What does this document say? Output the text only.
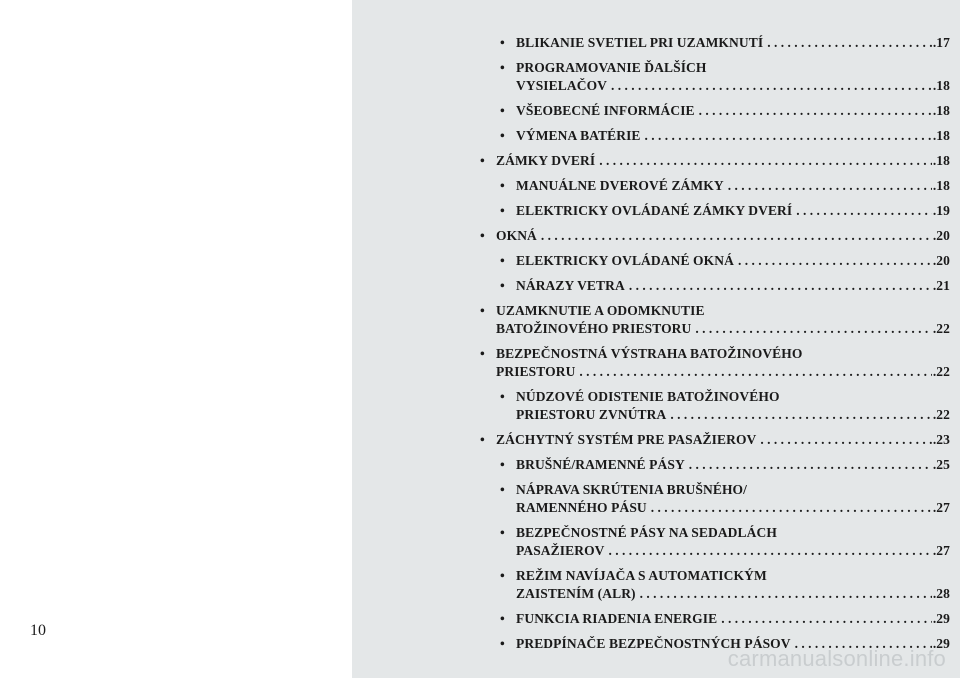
10
• BLIKANIE SVETIEL PRI UZAMKNUTÍ . . .	.17
• PROGRAMOVANIE ĎALŠÍCH
VYSIELAČOV . . .	.18
• VŠEOBECNÉ INFORMÁCIE . . .	.18
• VÝMENA BATÉRIE . . .	.18
• ZÁMKY DVERÍ . . .	.18
• MANUÁLNE DVEROVÉ ZÁMKY . . .	.18
• ELEKTRICKY OVLÁDANÉ ZÁMKY DVERÍ . . .	.19
• OKNÁ . . .	.20
• ELEKTRICKY OVLÁDANÉ OKNÁ . . .	.20
• NÁRAZY VETRA . . .	.21
• UZAMKNUTIE A ODOMKNUTIE
BATOŽINOVÉHO PRIESTORU . . .	.22
• BEZPEČNOSTNÁ VÝSTRAHA BATOŽINOVÉHO
PRIESTORU . . .	.22
• NÚDZOVÉ ODISTENIE BATOŽINOVÉHO
PRIESTORU ZVNÚTRA . . .	.22
• ZÁCHYTNÝ SYSTÉM PRE PASAŽIEROV . . .	.23
• BRUŠNÉ/RAMENNÉ PÁSY . . .	.25
• NÁPRAVA SKRÚTENIA BRUŠNÉHO/
RAMENNÉHO PÁSU . . .	.27
• BEZPEČNOSTNÉ PÁSY NA SEDADLÁCH
PASAŽIEROV . . .	.27
• REŽIM NAVÍJAČA S AUTOMATICKÝM
ZAISTENÍM (ALR) . . .	.28
• FUNKCIA RIADENIA ENERGIE . . .	.29
• PREDPÍNAČE BEZPEČNOSTNÝCH PÁSOV . . .	.29
carmanualsonline.info
